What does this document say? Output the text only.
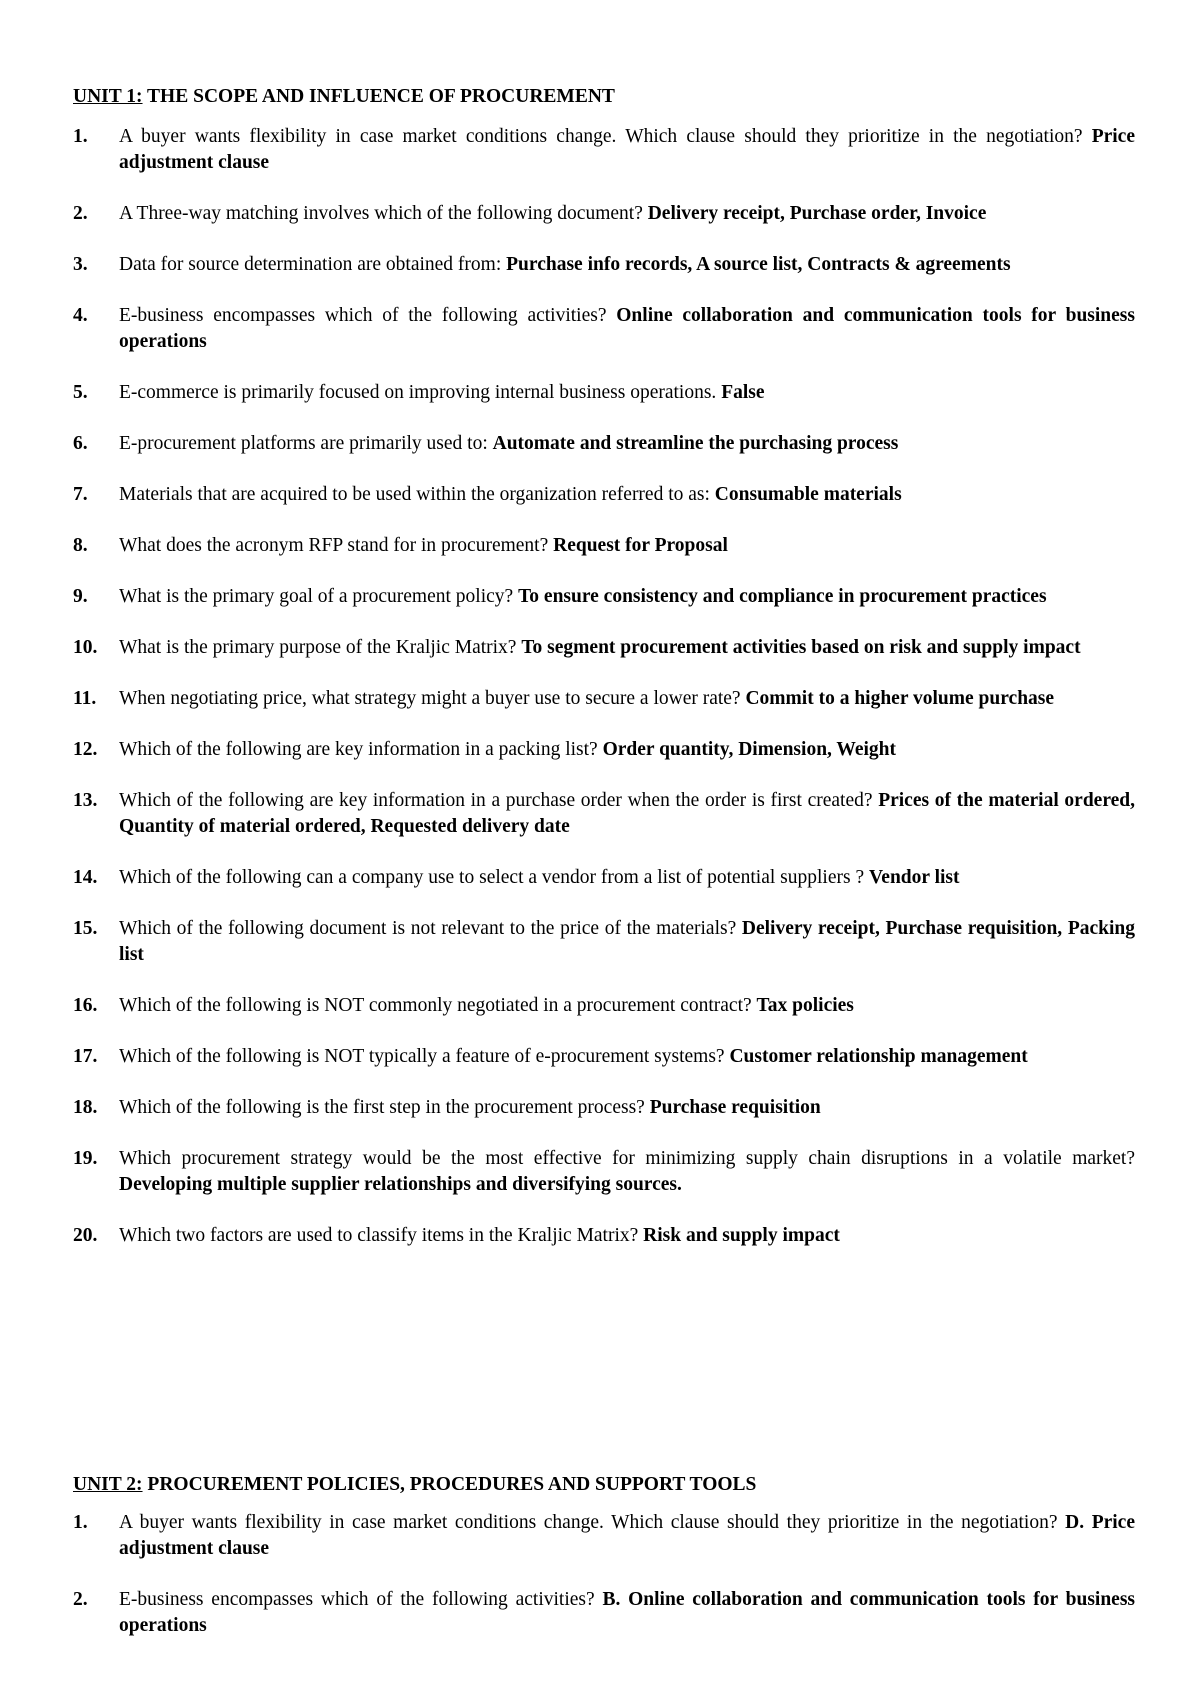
UNIT 1: THE SCOPE AND INFLUENCE OF PROCUREMENT
1. A buyer wants flexibility in case market conditions change. Which clause should they prioritize in the negotiation? Price adjustment clause
2. A Three-way matching involves which of the following document? Delivery receipt, Purchase order, Invoice
3. Data for source determination are obtained from: Purchase info records, A source list, Contracts & agreements
4. E-business encompasses which of the following activities? Online collaboration and communication tools for business operations
5. E-commerce is primarily focused on improving internal business operations. False
6. E-procurement platforms are primarily used to: Automate and streamline the purchasing process
7. Materials that are acquired to be used within the organization referred to as: Consumable materials
8. What does the acronym RFP stand for in procurement? Request for Proposal
9. What is the primary goal of a procurement policy? To ensure consistency and compliance in procurement practices
10. What is the primary purpose of the Kraljic Matrix? To segment procurement activities based on risk and supply impact
11. When negotiating price, what strategy might a buyer use to secure a lower rate? Commit to a higher volume purchase
12. Which of the following are key information in a packing list? Order quantity, Dimension, Weight
13. Which of the following are key information in a purchase order when the order is first created? Prices of the material ordered, Quantity of material ordered, Requested delivery date
14. Which of the following can a company use to select a vendor from a list of potential suppliers ? Vendor list
15. Which of the following document is not relevant to the price of the materials? Delivery receipt, Purchase requisition, Packing list
16. Which of the following is NOT commonly negotiated in a procurement contract? Tax policies
17. Which of the following is NOT typically a feature of e-procurement systems? Customer relationship management
18. Which of the following is the first step in the procurement process? Purchase requisition
19. Which procurement strategy would be the most effective for minimizing supply chain disruptions in a volatile market? Developing multiple supplier relationships and diversifying sources.
20. Which two factors are used to classify items in the Kraljic Matrix? Risk and supply impact
UNIT 2: PROCUREMENT POLICIES, PROCEDURES AND SUPPORT TOOLS
1. A buyer wants flexibility in case market conditions change. Which clause should they prioritize in the negotiation? D. Price adjustment clause
2. E-business encompasses which of the following activities? B. Online collaboration and communication tools for business operations
